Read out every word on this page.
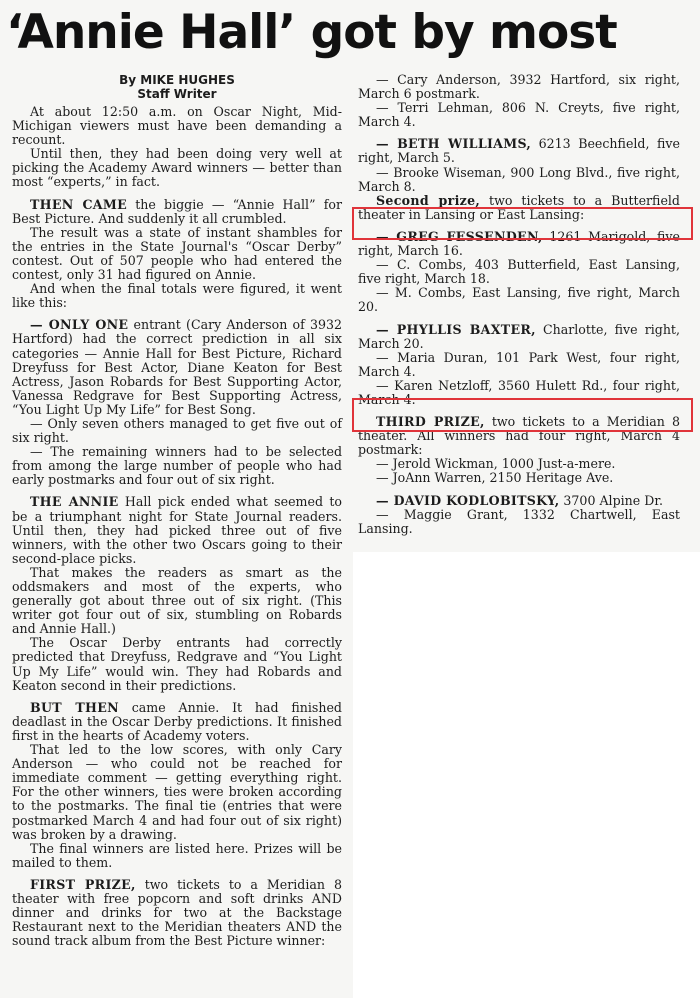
‘Annie Hall’ got by most
By MIKE HUGHES
Staff Writer
At about 12:50 a.m. on Oscar Night, Mid-Michigan viewers must have been demanding a recount.
Until then, they had been doing very well at picking the Academy Award winners — better than most “experts,” in fact.
THEN CAME the biggie — “Annie Hall” for Best Picture. And suddenly it all crumbled.
The result was a state of instant shambles for the entries in the State Journal's “Oscar Derby” contest. Out of 507 people who had entered the contest, only 31 had figured on Annie.
And when the final totals were figured, it went like this:
— ONLY ONE entrant (Cary Anderson of 3932 Hartford) had the correct prediction in all six categories — Annie Hall for Best Picture, Richard Dreyfuss for Best Actor, Diane Keaton for Best Actress, Jason Robards for Best Supporting Actor, Vanessa Redgrave for Best Supporting Actress, “You Light Up My Life” for Best Song.
— Only seven others managed to get five out of six right.
— The remaining winners had to be selected from among the large number of people who had early postmarks and four out of six right.
THE ANNIE Hall pick ended what seemed to be a triumphant night for State Journal readers. Until then, they had picked three out of five winners, with the other two Oscars going to their second-place picks.
That makes the readers as smart as the oddsmakers and most of the experts, who generally got about three out of six right. (This writer got four out of six, stumbling on Robards and Annie Hall.)
The Oscar Derby entrants had correctly predicted that Dreyfuss, Redgrave and “You Light Up My Life” would win. They had Robards and Keaton second in their predictions.
BUT THEN came Annie. It had finished deadlast in the Oscar Derby predictions. It finished first in the hearts of Academy voters.
That led to the low scores, with only Cary Anderson — who could not be reached for immediate comment — getting everything right. For the other winners, ties were broken according to the postmarks. The final tie (entries that were postmarked March 4 and had four out of six right) was broken by a drawing.
The final winners are listed here. Prizes will be mailed to them.
FIRST PRIZE, two tickets to a Meridian 8 theater with free popcorn and soft drinks AND dinner and drinks for two at the Backstage Restaurant next to the Meridian theaters AND the sound track album from the Best Picture winner:
— Cary Anderson, 3932 Hartford, six right, March 6 postmark.
— Terri Lehman, 806 N. Creyts, five right, March 4.
— BETH WILLIAMS, 6213 Beechfield, five right, March 5.
— Brooke Wiseman, 900 Long Blvd., five right, March 8.
Second prize, two tickets to a Butterfield theater in Lansing or East Lansing:
— GREG FESSENDEN, 1261 Marigold, five right, March 16.
— C. Combs, 403 Butterfield, East Lansing, five right, March 18.
— M. Combs, East Lansing, five right, March 20.
— PHYLLIS BAXTER, Charlotte, five right, March 20.
— Maria Duran, 101 Park West, four right, March 4.
— Karen Netzloff, 3560 Hulett Rd., four right, March 4.
THIRD PRIZE, two tickets to a Meridian 8 theater. All winners had four right, March 4 postmark:
— Jerold Wickman, 1000 Just-a-mere.
— JoAnn Warren, 2150 Heritage Ave.
— DAVID KODLOBITSKY, 3700 Alpine Dr.
— Maggie Grant, 1332 Chartwell, East Lansing.
